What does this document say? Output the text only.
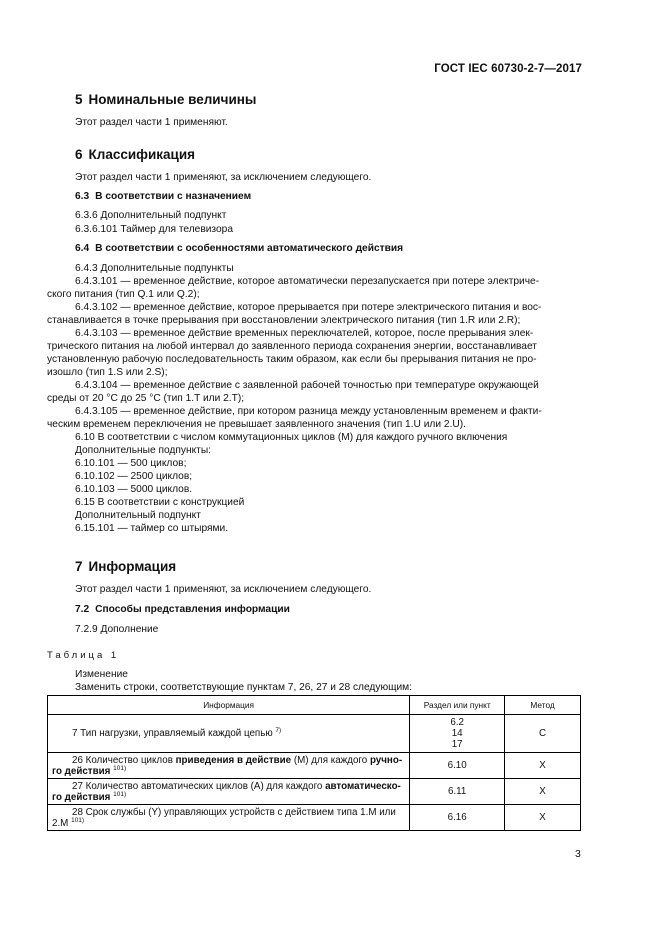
ГОСТ IEC 60730-2-7—2017
5 Номинальные величины
Этот раздел части 1 применяют.
6 Классификация
Этот раздел части 1 применяют, за исключением следующего.
6.3 В соответствии с назначением
6.3.6 Дополнительный подпункт
6.3.6.101 Таймер для телевизора
6.4 В соответствии с особенностями автоматического действия
6.4.3 Дополнительные подпункты
6.4.3.101 — временное действие, которое автоматически перезапускается при потере электриче-
ского питания (тип Q.1 или Q.2);
6.4.3.102 — временное действие, которое прерывается при потере электрического питания и вос-
станавливается в точке прерывания при восстановлении электрического питания (тип 1.R или 2.R);
6.4.3.103 — временное действие временных переключателей, которое, после прерывания элек-
трического питания на любой интервал до заявленного периода сохранения энергии, восстанавливает
установленную рабочую последовательность таким образом, как если бы прерывания питания не про-
изошло (тип 1.S или 2.S);
6.4.3.104 — временное действие с заявленной рабочей точностью при температуре окружающей
среды от 20 °С до 25 °С (тип 1.T или 2.T);
6.4.3.105 — временное действие, при котором разница между установленным временем и факти-
ческим временем переключения не превышает заявленного значения (тип 1.U или 2.U).
6.10 В соответствии с числом коммутационных циклов (М) для каждого ручного включения
Дополнительные подпункты:
6.10.101 — 500 циклов;
6.10.102 — 2500 циклов;
6.10.103 — 5000 циклов.
6.15 В соответствии с конструкцией
Дополнительный подпункт
6.15.101 — таймер со штырями.
7 Информация
Этот раздел части 1 применяют, за исключением следующего.
7.2 Способы представления информации
7.2.9 Дополнение
Таблица 1
Изменение
Заменить строки, соответствующие пунктам 7, 26, 27 и 28 следующим:
Информация	Раздел или пункт	Метод
7 Тип нагрузки, управляемый каждой цепью $^{7)}$	6.2
14
17	C
26 Количество циклов приведения в действие (М) для каждого ручно-
го действия $^{101)}$	6.10	X
27 Количество автоматических циклов (А) для каждого автоматическо-
го действия $^{101)}$	6.11	X
28 Срок службы (Y) управляющих устройств с действием типа 1.M или
2.M $^{101)}$	6.16	X
3
